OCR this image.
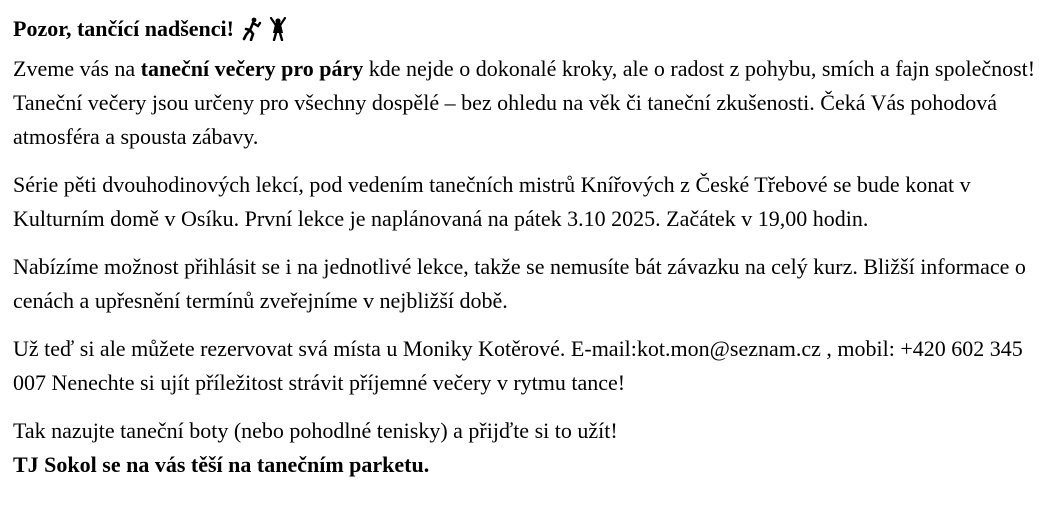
Pozor, tančící nadšenci!

Zveme vás na taneční večery pro páry kde nejde o dokonalé kroky, ale o radost z pohybu, smích a fajn společnost! Taneční večery jsou určeny pro všechny dospělé – bez ohledu na věk či taneční zkušenosti. Čeká Vás pohodová atmosféra a spousta zábavy.

Série pěti dvouhodinových lekcí, pod vedením tanečních mistrů Knířových z České Třebové se bude konat v Kulturním domě v Osíku. První lekce je naplánovaná na pátek 3.10 2025. Začátek v 19,00 hodin.

Nabízíme možnost přihlásit se i na jednotlivé lekce, takže se nemusíte bát závazku na celý kurz. Bližší informace o cenách a upřesnění termínů zveřejníme v nejbližší době.

Už teď si ale můžete rezervovat svá místa u Moniky Kotěrové. E-mail:kot.mon@seznam.cz , mobil: +420 602 345 007 Nenechte si ujít příležitost strávit příjemné večery v rytmu tance!

Tak nazujte taneční boty (nebo pohodlné tenisky) a přijďte si to užít!
TJ Sokol se na vás těší na tanečním parketu.
